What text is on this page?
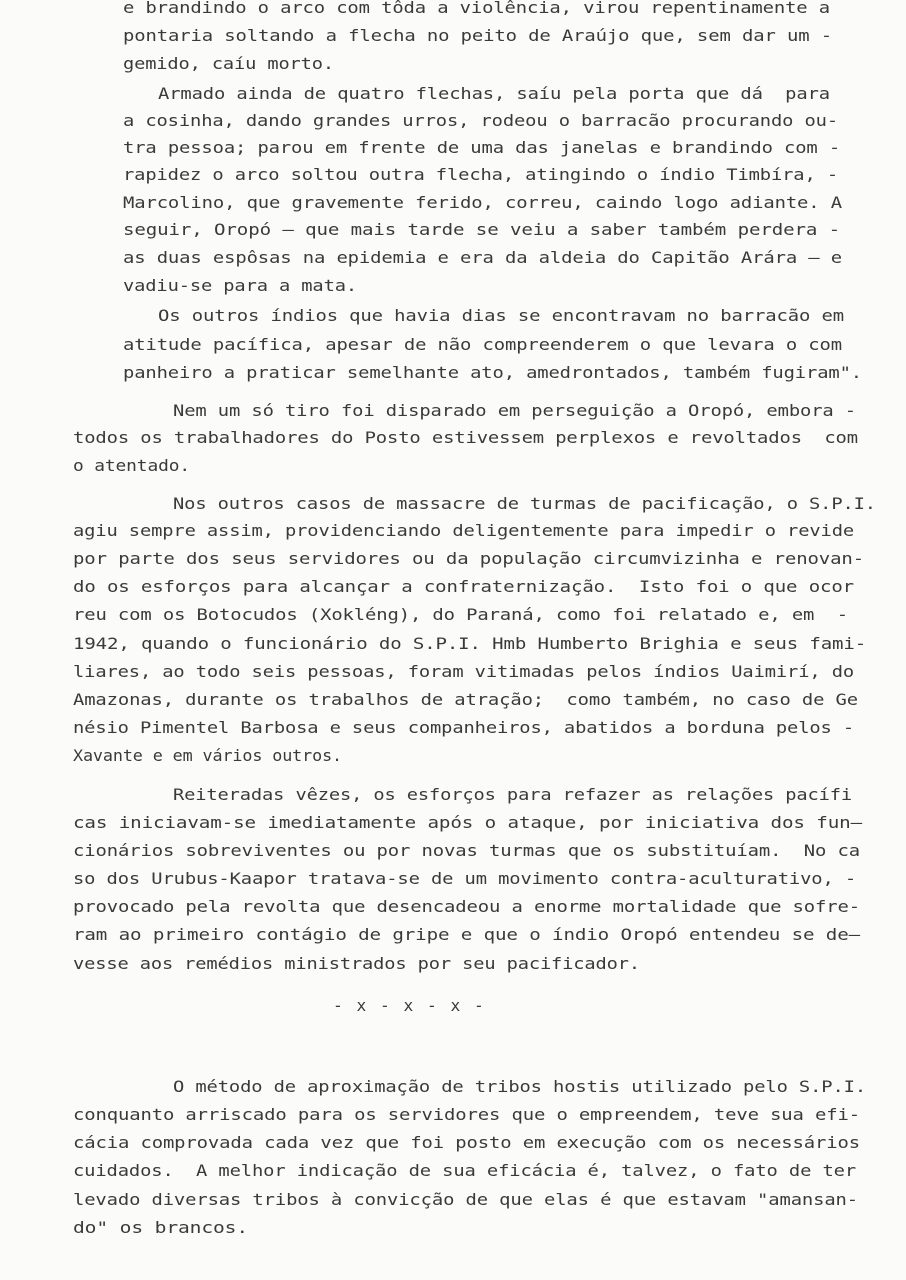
e brandindo o arco com tôda a violência, virou repentinamente a
pontaria soltando a flecha no peito de Araújo que, sem dar um -
gemido, caíu morto.
Armado ainda de quatro flechas, saíu pela porta que dá  para
a cosinha, dando grandes urros, rodeou o barracão procurando ou-
tra pessoa; parou em frente de uma das janelas e brandindo com -
rapidez o arco soltou outra flecha, atingindo o índio Timbíra, -
Marcolino, que gravemente ferido, correu, caindo logo adiante. A
seguir, Oropó — que mais tarde se veiu a saber também perdera -
as duas espôsas na epidemia e era da aldeia do Capitão Arára — e
vadiu-se para a mata.
Os outros índios que havia dias se encontravam no barracão em
atitude pacífica, apesar de não compreenderem o que levara o com
panheiro a praticar semelhante ato, amedrontados, também fugiram".
Nem um só tiro foi disparado em perseguição a Oropó, embora -
todos os trabalhadores do Posto estivessem perplexos e revoltados  com
o atentado.
Nos outros casos de massacre de turmas de pacificação, o S.P.I.
agiu sempre assim, providenciando deligentemente para impedir o revide
por parte dos seus servidores ou da população circumvizinha e renovan-
do os esforços para alcançar a confraternização.  Isto foi o que ocor
reu com os Botocudos (Xokléng), do Paraná, como foi relatado e, em  -
1942, quando o funcionário do S.P.I. Hmb Humberto Brighia e seus fami-
liares, ao todo seis pessoas, foram vitimadas pelos índios Uaimirí, do
Amazonas, durante os trabalhos de atração;  como também, no caso de Ge
nésio Pimentel Barbosa e seus companheiros, abatidos a borduna pelos -
Xavante e em vários outros.
Reiteradas vêzes, os esforços para refazer as relações pacífi
cas iniciavam-se imediatamente após o ataque, por iniciativa dos fun—
cionários sobreviventes ou por novas turmas que os substituíam.  No ca
so dos Urubus-Kaapor tratava-se de um movimento contra-aculturativo, -
provocado pela revolta que desencadeou a enorme mortalidade que sofre-
ram ao primeiro contágio de gripe e que o índio Oropó entendeu se de—
vesse aos remédios ministrados por seu pacificador.
O método de aproximação de tribos hostis utilizado pelo S.P.I.
conquanto arriscado para os servidores que o empreendem, teve sua efi-
cácia comprovada cada vez que foi posto em execução com os necessários
cuidados.  A melhor indicação de sua eficácia é, talvez, o fato de ter
levado diversas tribos à convicção de que elas é que estavam "amansan-
do" os brancos.
- x - x - x -
